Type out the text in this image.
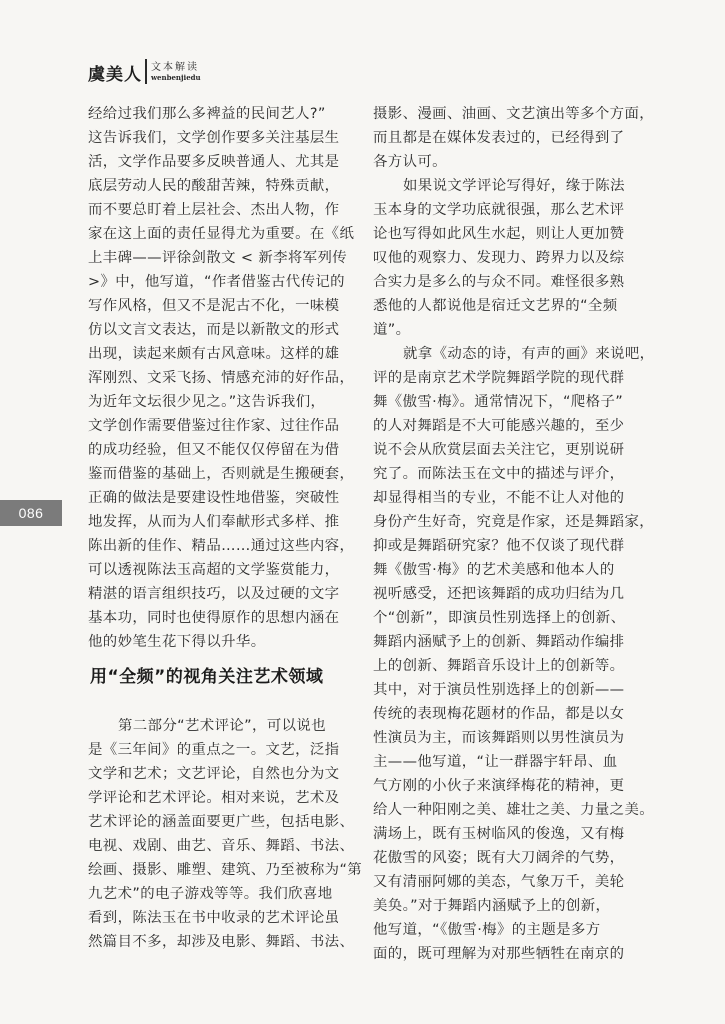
虞美人 文本解读
wenbenjiedu
086
经给过我们那么多裨益的民间艺人?”
这告诉我们，文学创作要多关注基层生
活，文学作品要多反映普通人、尤其是
底层劳动人民的酸甜苦辣，特殊贡献，
而不要总盯着上层社会、杰出人物，作
家在这上面的责任显得尤为重要。在《纸
上丰碑——评徐剑散文 < 新李将军列传
>》中，他写道，“作者借鉴古代传记的
写作风格，但又不是泥古不化，一味模
仿以文言文表达，而是以新散文的形式
出现，读起来颇有古风意味。这样的雄
浑刚烈、文采飞扬、情感充沛的好作品，
为近年文坛很少见之。”这告诉我们，
文学创作需要借鉴过往作家、过往作品
的成功经验，但又不能仅仅停留在为借
鉴而借鉴的基础上，否则就是生搬硬套，
正确的做法是要建设性地借鉴，突破性
地发挥，从而为人们奉献形式多样、推
陈出新的佳作、精品……通过这些内容，
可以透视陈法玉高超的文学鉴赏能力，
精湛的语言组织技巧，以及过硬的文字
基本功，同时也使得原作的思想内涵在
他的妙笔生花下得以升华。
用“全频”的视角关注艺术领域
第二部分“艺术评论”，可以说也
是《三年间》的重点之一。文艺，泛指
文学和艺术；文艺评论，自然也分为文
学评论和艺术评论。相对来说，艺术及
艺术评论的涵盖面要更广些，包括电影、
电视、戏剧、曲艺、音乐、舞蹈、书法、
绘画、摄影、雕塑、建筑、乃至被称为“第
九艺术”的电子游戏等等。我们欣喜地
看到，陈法玉在书中收录的艺术评论虽
然篇目不多，却涉及电影、舞蹈、书法、
摄影、漫画、油画、文艺演出等多个方面，
而且都是在媒体发表过的，已经得到了
各方认可。
如果说文学评论写得好，缘于陈法
玉本身的文学功底就很强，那么艺术评
论也写得如此风生水起，则让人更加赞
叹他的观察力、发现力、跨界力以及综
合实力是多么的与众不同。难怪很多熟
悉他的人都说他是宿迁文艺界的“全频
道”。
就拿《动态的诗，有声的画》来说吧，
评的是南京艺术学院舞蹈学院的现代群
舞《傲雪·梅》。通常情况下，“爬格子”
的人对舞蹈是不大可能感兴趣的，至少
说不会从欣赏层面去关注它，更别说研
究了。而陈法玉在文中的描述与评介，
却显得相当的专业，不能不让人对他的
身份产生好奇，究竟是作家，还是舞蹈家，
抑或是舞蹈研究家？他不仅谈了现代群
舞《傲雪·梅》的艺术美感和他本人的
视听感受，还把该舞蹈的成功归结为几
个“创新”，即演员性别选择上的创新、
舞蹈内涵赋予上的创新、舞蹈动作编排
上的创新、舞蹈音乐设计上的创新等。
其中，对于演员性别选择上的创新——
传统的表现梅花题材的作品，都是以女
性演员为主，而该舞蹈则以男性演员为
主——他写道，“让一群器宇轩昂、血
气方刚的小伙子来演绎梅花的精神，更
给人一种阳刚之美、雄壮之美、力量之美。
满场上，既有玉树临风的俊逸，又有梅
花傲雪的风姿；既有大刀阔斧的气势，
又有清丽阿娜的美态，气象万千，美轮
美奂。”对于舞蹈内涵赋予上的创新，
他写道，“《傲雪·梅》的主题是多方
面的，既可理解为对那些牺牲在南京的
